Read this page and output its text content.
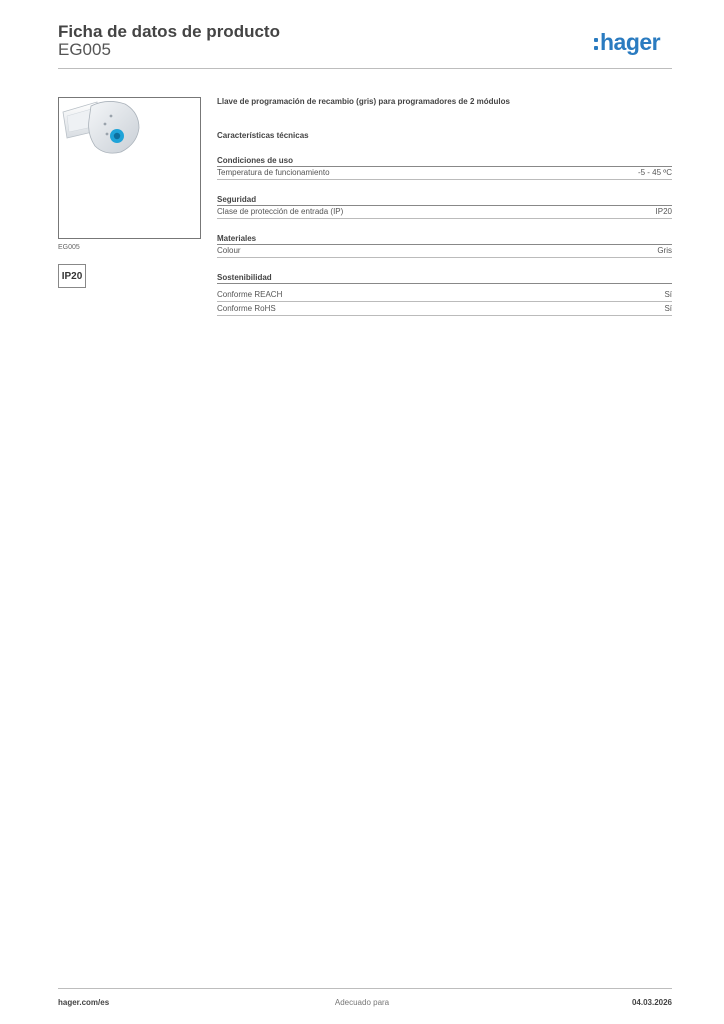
Ficha de datos de producto
EG005	hager
EG005
IP20
Llave de programación de recambio (gris) para programadores de 2 módulos
Características técnicas
Condiciones de uso
Temperatura de funcionamiento	-5 - 45 ºC
Seguridad
Clase de protección de entrada (IP)	IP20
Materiales
Colour	Gris
Sostenibilidad
Conforme REACH	Sí
Conforme RoHS	Sí
hager.com/es	Adecuado para	04.03.2026
